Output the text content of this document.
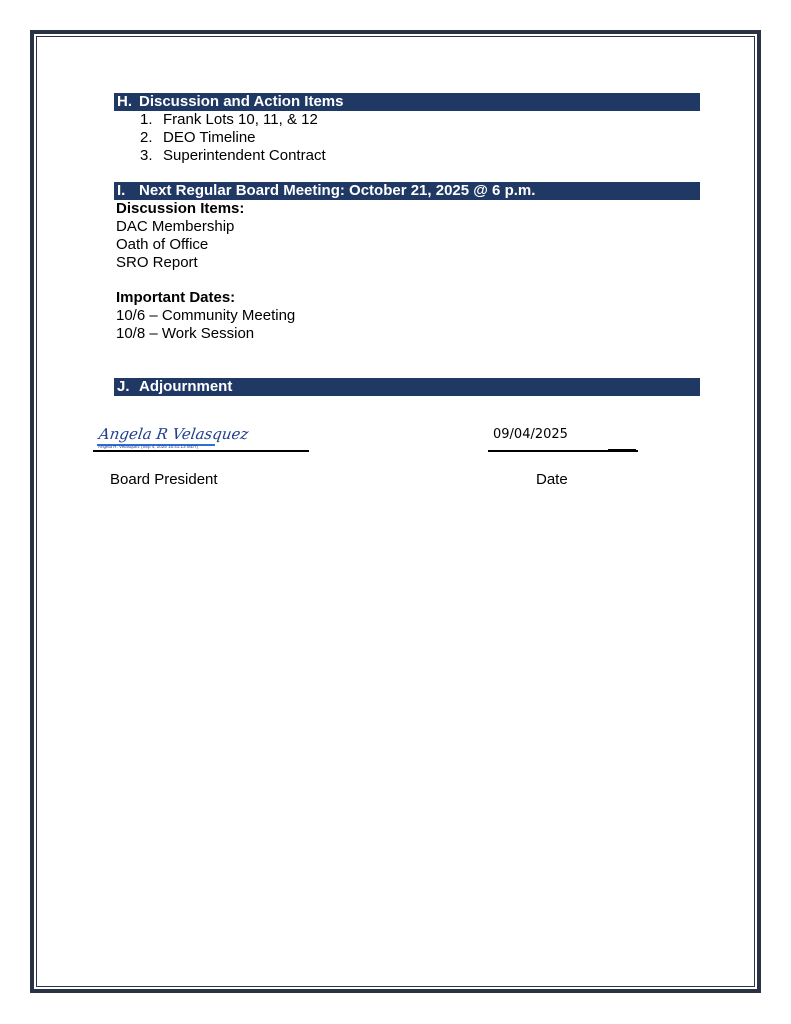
H. Discussion and Action Items
1. Frank Lots 10, 11, & 12
2. DEO Timeline
3. Superintendent Contract
I. Next Regular Board Meeting: October 21, 2025 @ 6 p.m.
Discussion Items:
DAC Membership
Oath of Office
SRO Report
Important Dates:
10/6 – Community Meeting
10/8 – Work Session
J. Adjournment
Angela R Velasquez
Angela R. Velasquez (Sep 4, 2025 15:41:13 MDT)
09/04/2025
Board President	Date
